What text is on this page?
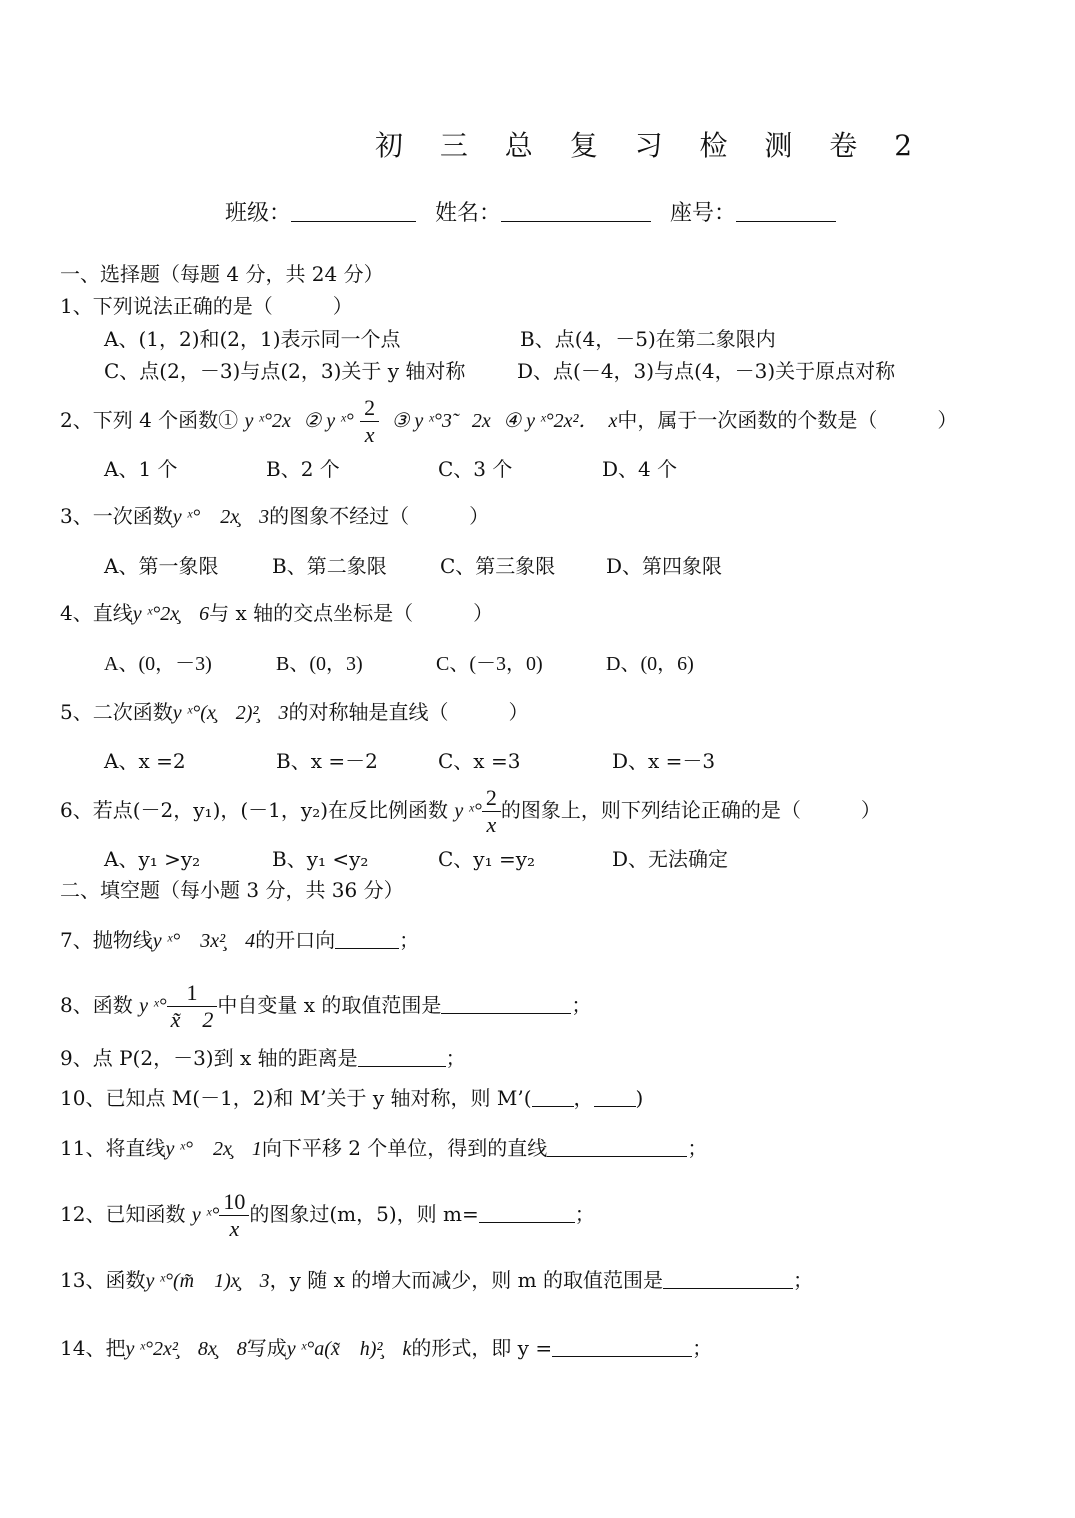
初 三 总 复 习 检 测 卷 2
班级：	姓名：	座号：
一、选择题（每题 4 分，共 24 分）
1、下列说法正确的是（　　　）
A、(1，2)和(2，1)表示同一个点	B、点(4，－5)在第二象限内
C、点(2，－3)与点(2，3)关于 y 轴对称	D、点(－4，3)与点(4，－3)关于原点对称
2、下列 4 个函数① y ˣ°2x ② y ˣ° $\frac{2}{x}$ ③ y ˣ°3̃　2x ④ y ˣ°2x²．　x中，属于一次函数的个数是（　　　）
A、1 个	B、2 个	C、3 个	D、4 个
3、一次函数y ˣ°　2x̧　3的图象不经过（　　　）
A、第一象限	B、第二象限	C、第三象限	D、第四象限
4、直线y ˣ°2x̧　6与 x 轴的交点坐标是（　　　）
A、(0，－3)	B、(0，3)	C、(－3，0)	D、(0，6)
5、二次函数y ˣ°(x̧　2)²̧　3的对称轴是直线（　　　）
A、x =2	B、x =－2	C、x =3	D、x =－3
6、若点(－2，y₁)，(－1，y₂)在反比例函数 y ˣ° $\frac{2}{x}$ 的图象上，则下列结论正确的是（　　　）
A、y₁ >y₂	B、y₁ <y₂	C、y₁ =y₂	D、无法确定
二、填空题（每小题 3 分，共 36 分）
7、抛物线y ˣ°　3x²̧　4的开口向	；
8、函数 y ˣ° $\frac{1}{x̃ 2}$ 中自变量 x 的取值范围是	；
9、点 P(2，－3)到 x 轴的距离是	；
10、已知点 M(－1，2)和 M’关于 y 轴对称，则 M’( ， )
11、将直线y ˣ°　2x̧　1向下平移 2 个单位，得到的直线	；
12、已知函数 y ˣ° $\frac{10}{x}$ 的图象过(m，5)，则 m=	；
13、函数y ˣ°(m̃　1)x̧　3，y 随 x 的增大而减少，则 m 的取值范围是	；
14、把y ˣ°2x²̧　8x̧　8写成y ˣ°a(x̃　h)²̧　k的形式，即 y =	；
